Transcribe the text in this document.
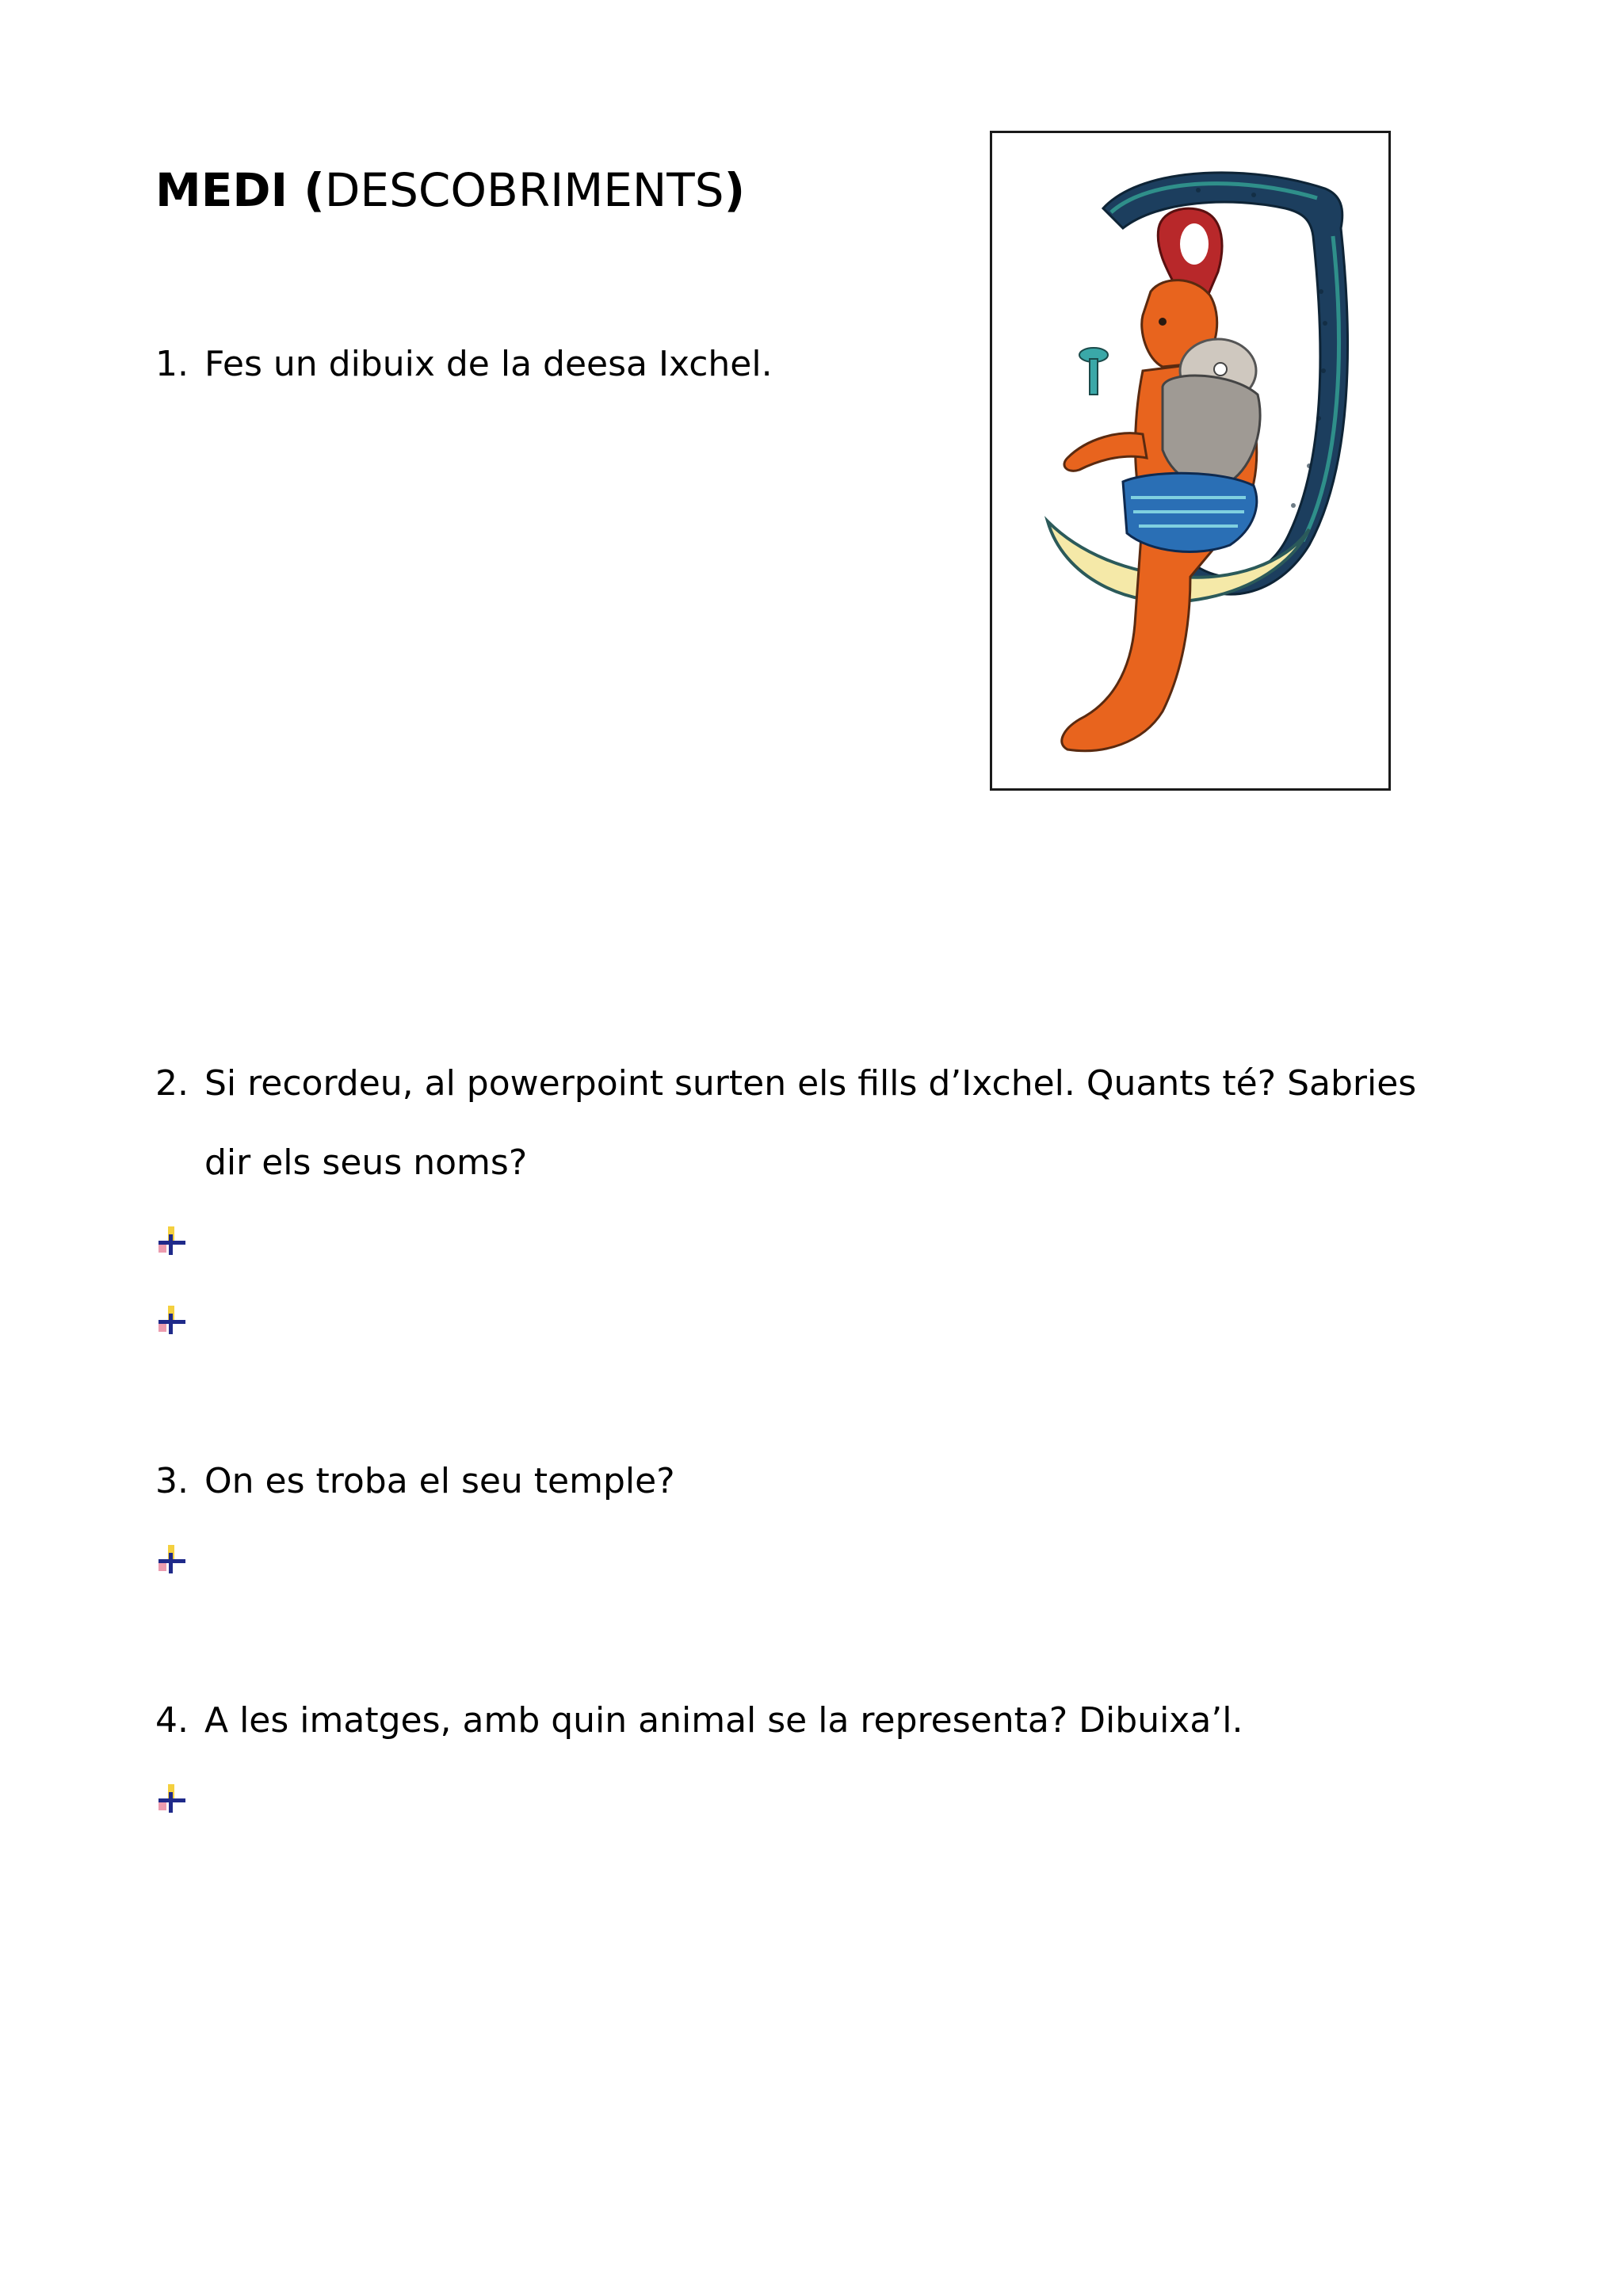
MEDI (DESCOBRIMENTS)
1. Fes un dibuix de la deesa Ixchel.
2. Si recordeu, al powerpoint surten els fills d’Ixchel. Quants té? Sabries
dir els seus noms?
3. On es troba el seu temple?
4. A les imatges, amb quin animal se la representa? Dibuixa’l.
